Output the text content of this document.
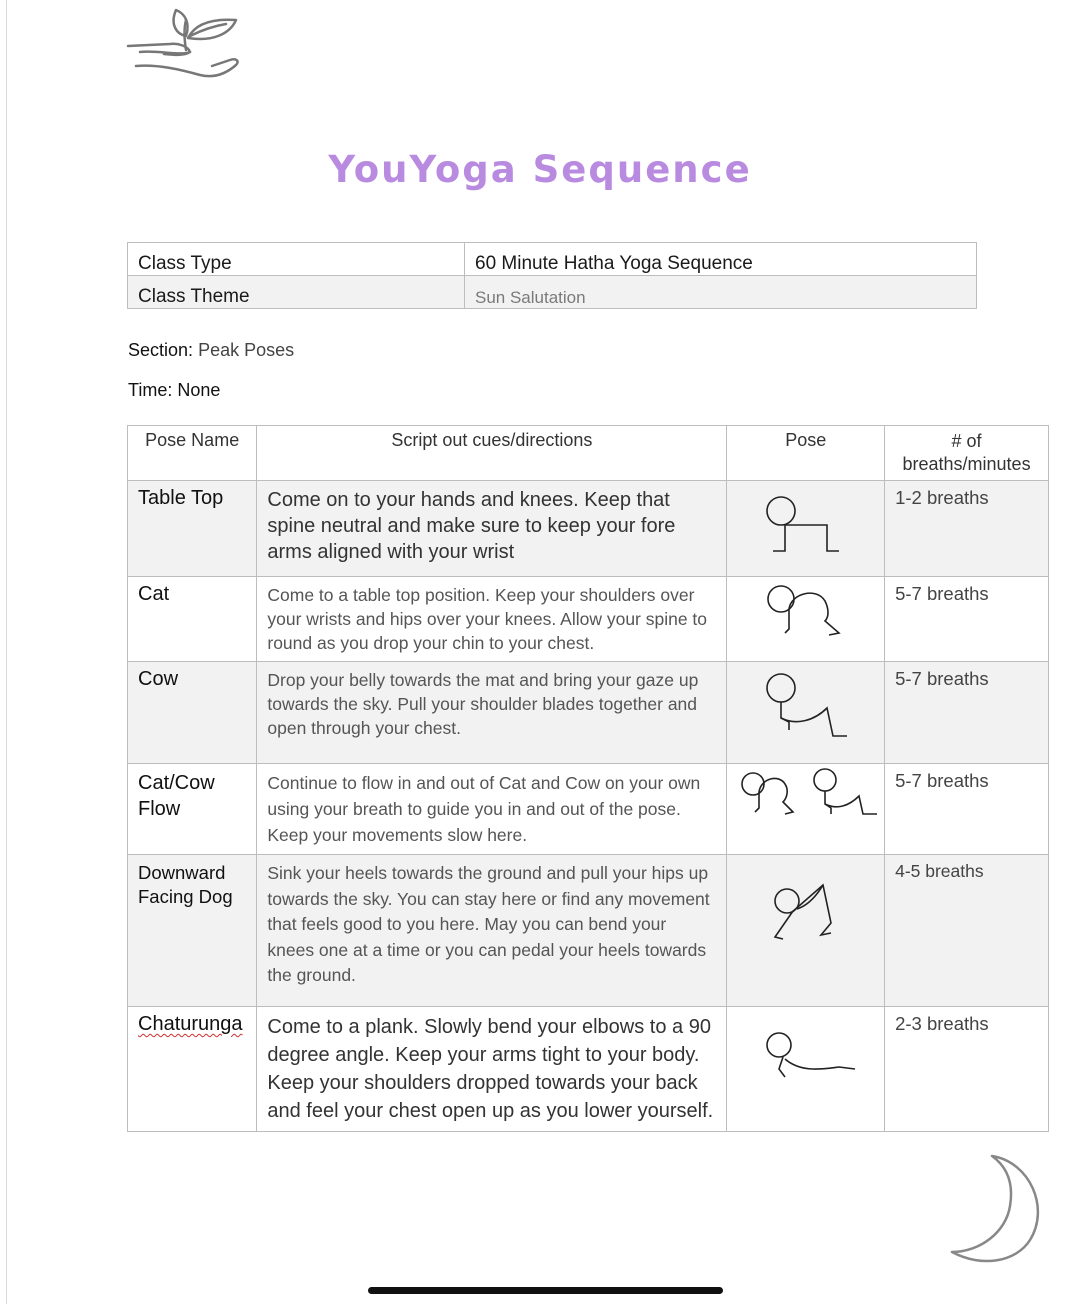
YouYoga Sequence
Class Type	60 Minute Hatha Yoga Sequence
Class Theme	Sun Salutation
Section: Peak Poses
Time: None
Pose Name	Script out cues/directions	Pose	# of breaths/minutes
Table Top	Come on to your hands and knees. Keep that spine neutral and make sure to keep your fore arms aligned with your wrist		1-2 breaths
Cat	Come to a table top position. Keep your shoulders over your wrists and hips over your knees. Allow your spine to round as you drop your chin to your chest.		5-7 breaths
Cow	Drop your belly towards the mat and bring your gaze up towards the sky. Pull your shoulder blades together and open through your chest.		5-7 breaths
Cat/Cow Flow	Continue to flow in and out of Cat and Cow on your own using your breath to guide you in and out of the pose. Keep your movements slow here.		5-7 breaths
Downward Facing Dog	Sink your heels towards the ground and pull your hips up towards the sky. You can stay here or find any movement that feels good to you here. May you can bend your knees one at a time or you can pedal your heels towards the ground.		4-5 breaths
Chaturunga	Come to a plank. Slowly bend your elbows to a 90 degree angle. Keep your arms tight to your body. Keep your shoulders dropped towards your back and feel your chest open up as you lower yourself.		2-3 breaths
